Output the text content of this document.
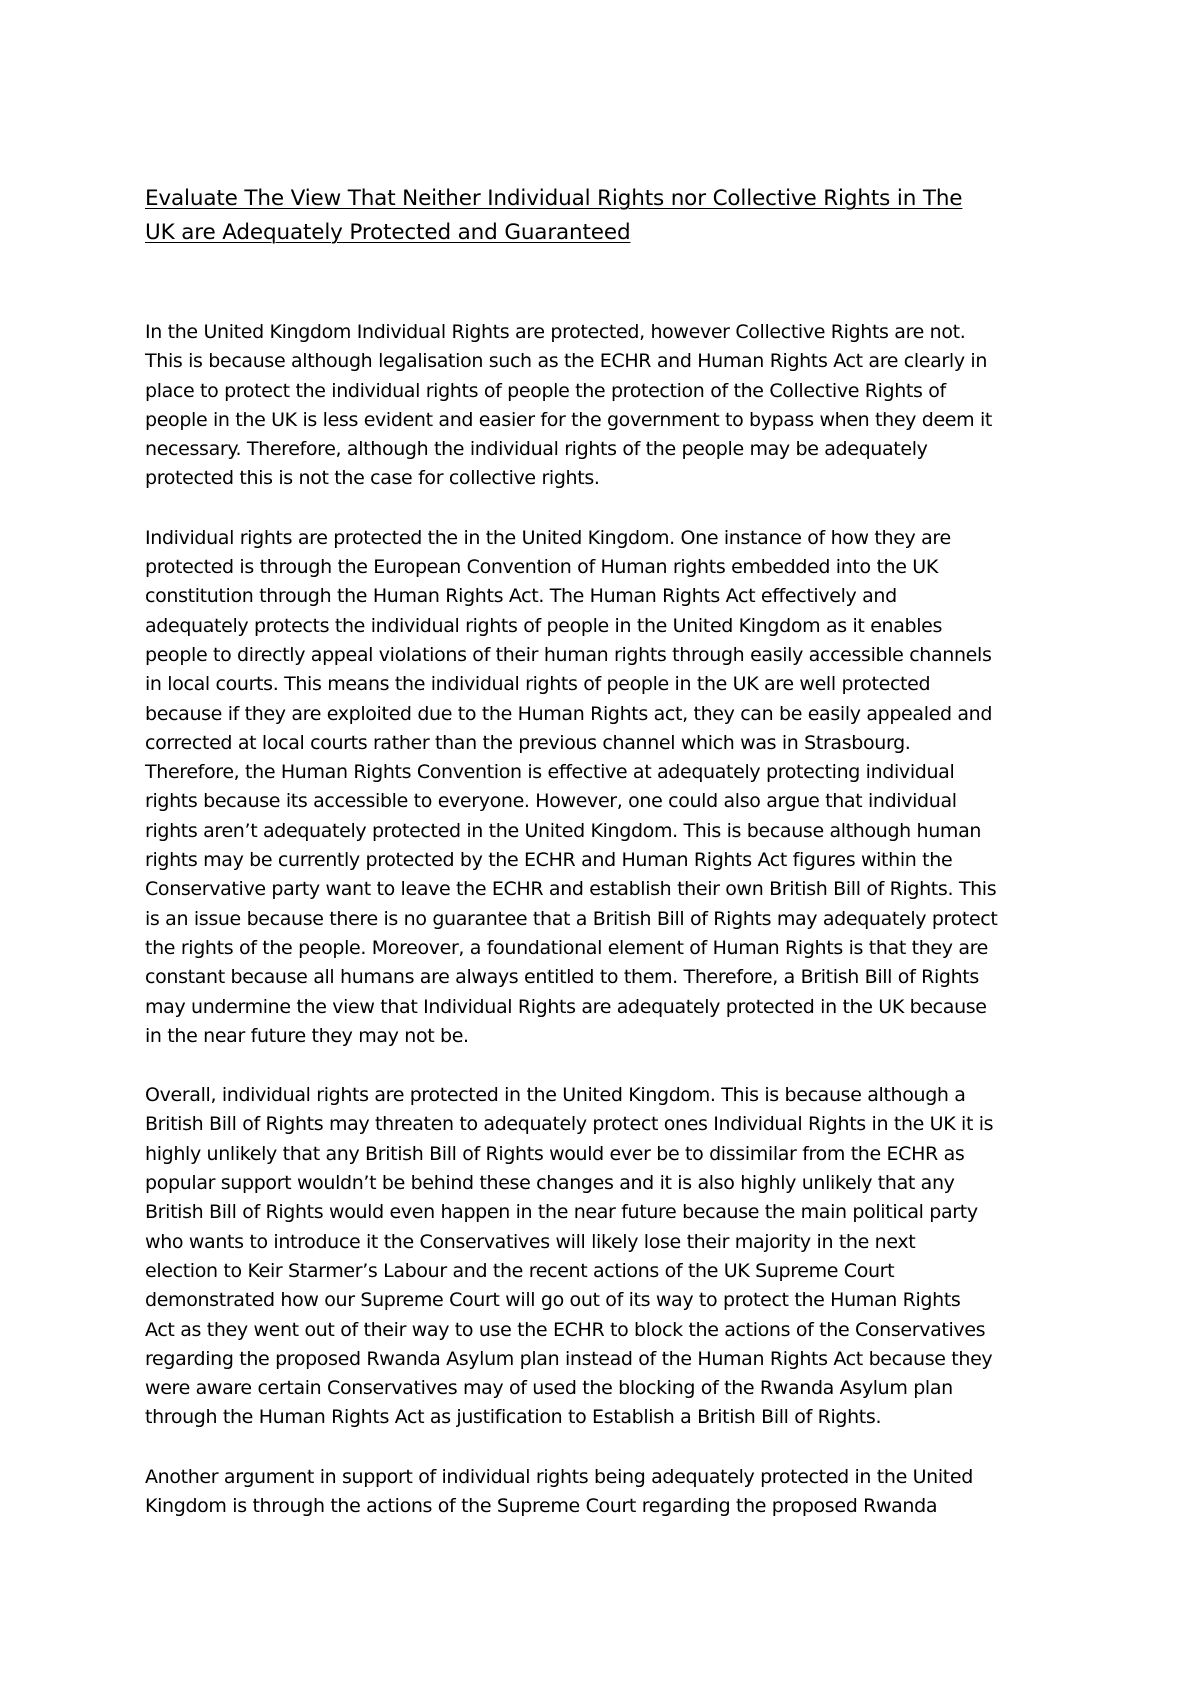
Evaluate The View That Neither Individual Rights nor Collective Rights in The
UK are Adequately Protected and Guaranteed

In the United Kingdom Individual Rights are protected, however Collective Rights are not.
This is because although legalisation such as the ECHR and Human Rights Act are clearly in
place to protect the individual rights of people the protection of the Collective Rights of
people in the UK is less evident and easier for the government to bypass when they deem it
necessary. Therefore, although the individual rights of the people may be adequately
protected this is not the case for collective rights.

Individual rights are protected the in the United Kingdom. One instance of how they are
protected is through the European Convention of Human rights embedded into the UK
constitution through the Human Rights Act. The Human Rights Act effectively and
adequately protects the individual rights of people in the United Kingdom as it enables
people to directly appeal violations of their human rights through easily accessible channels
in local courts. This means the individual rights of people in the UK are well protected
because if they are exploited due to the Human Rights act, they can be easily appealed and
corrected at local courts rather than the previous channel which was in Strasbourg.
Therefore, the Human Rights Convention is effective at adequately protecting individual
rights because its accessible to everyone. However, one could also argue that individual
rights aren’t adequately protected in the United Kingdom. This is because although human
rights may be currently protected by the ECHR and Human Rights Act figures within the
Conservative party want to leave the ECHR and establish their own British Bill of Rights. This
is an issue because there is no guarantee that a British Bill of Rights may adequately protect
the rights of the people. Moreover, a foundational element of Human Rights is that they are
constant because all humans are always entitled to them. Therefore, a British Bill of Rights
may undermine the view that Individual Rights are adequately protected in the UK because
in the near future they may not be.

Overall, individual rights are protected in the United Kingdom. This is because although a
British Bill of Rights may threaten to adequately protect ones Individual Rights in the UK it is
highly unlikely that any British Bill of Rights would ever be to dissimilar from the ECHR as
popular support wouldn’t be behind these changes and it is also highly unlikely that any
British Bill of Rights would even happen in the near future because the main political party
who wants to introduce it the Conservatives will likely lose their majority in the next
election to Keir Starmer’s Labour and the recent actions of the UK Supreme Court
demonstrated how our Supreme Court will go out of its way to protect the Human Rights
Act as they went out of their way to use the ECHR to block the actions of the Conservatives
regarding the proposed Rwanda Asylum plan instead of the Human Rights Act because they
were aware certain Conservatives may of used the blocking of the Rwanda Asylum plan
through the Human Rights Act as justification to Establish a British Bill of Rights.

Another argument in support of individual rights being adequately protected in the United
Kingdom is through the actions of the Supreme Court regarding the proposed Rwanda
